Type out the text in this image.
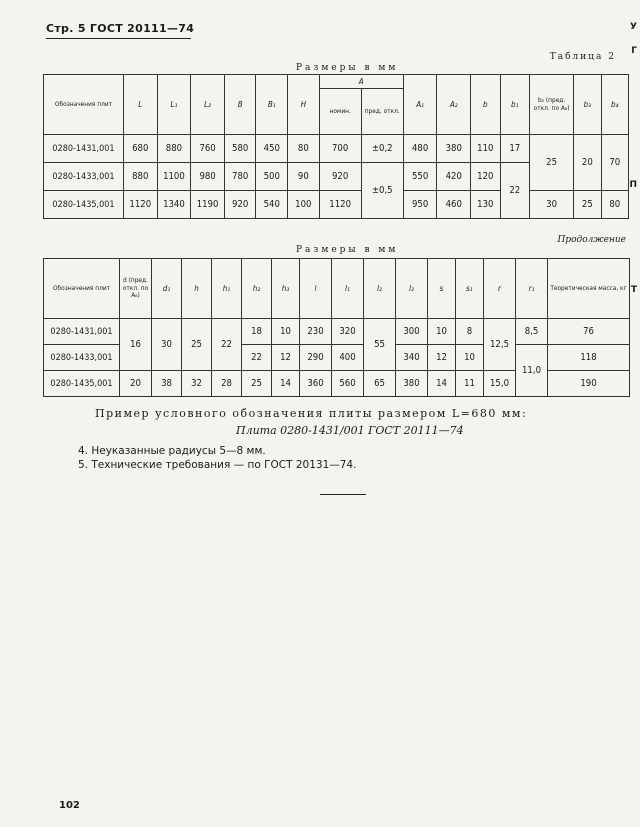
Стр. 5 ГОСТ 20111—74
Таблица 2
Размеры в мм
Обозначения плит	L	L₁	L₂	B	B₁	H	A		A₁	A₂	b	b₁	b₂ (пред. откл. по A₈)	b₃	b₄
							номин.	пред. откл.							
0280-1431,001	680	880	760	580	450	80	700	±0,2	480	380	110	17	25	20	70
0280-1433,001	880	1100	980	780	500	90	920	±0,5	550	420	120	22			
0280-1435,001	1120	1340	1190	920	540	100	1120		950	460	130		30	25	80
Продолжение
Размеры в мм
Обозначения плит	d (пред. откл. по A₈)	d₁	h	h₁	h₂	h₃	l	l₁	l₂	l₃	s	s₁	r	r₁	Теоретическая масса, кг
0280-1431,001	16	30	25	22	18	10	230	320	55	300	10	8	12,5	8,5	76
0280-1433,001					22	12	290	400		340	12	10		11,0	118
0280-1435,001	20	38	32	28	25	14	360	560	65	380	14	11	15,0		190
Пример условного обозначения плиты размером L=680 мм:
Плита 0280-1431/001 ГОСТ 20111—74
4. Неуказанные радиусы 5—8 мм.
5. Технические требования — по ГОСТ 20131—74.
102
У
Г
П
Т
